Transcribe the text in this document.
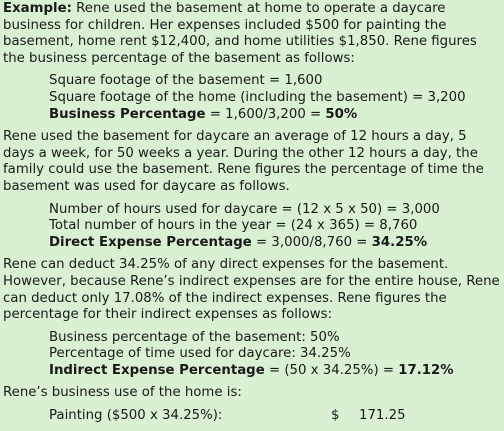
Example: Rene used the basement at home to operate a daycare business for children. Her expenses included $500 for painting the basement, home rent $12,400, and home utilities $1,850. Rene figures the business percentage of the basement as follows:

Square footage of the basement = 1,600

Square footage of the home (including the basement) = 3,200

Business Percentage = 1,600/3,200 = 50%

Rene used the basement for daycare an average of 12 hours a day, 5 days a week, for 50 weeks a year. During the other 12 hours a day, the family could use the basement. Rene figures the percentage of time the basement was used for daycare as follows.

Number of hours used for daycare = (12 x 5 x 50) = 3,000

Total number of hours in the year = (24 x 365) = 8,760

Direct Expense Percentage = 3,000/8,760 = 34.25%

Rene can deduct 34.25% of any direct expenses for the basement. However, because Rene’s indirect expenses are for the entire house, Rene can deduct only 17.08% of the indirect expenses. Rene figures the percentage for their indirect expenses as follows:

Business percentage of the basement: 50%

Percentage of time used for daycare: 34.25%

Indirect Expense Percentage = (50 x 34.25%) = 17.12%

Rene’s business use of the home is:

Painting ($500 x 34.25%):	$	171.25
